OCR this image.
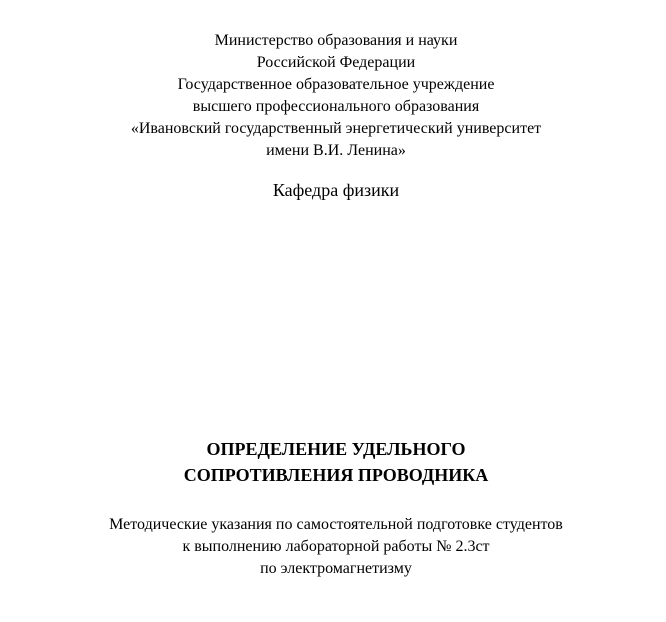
Министерство образования и науки
Российской Федерации
Государственное образовательное учреждение
высшего профессионального образования
«Ивановский государственный энергетический университет
имени В.И. Ленина»
Кафедра физики
ОПРЕДЕЛЕНИЕ УДЕЛЬНОГО
СОПРОТИВЛЕНИЯ ПРОВОДНИКА
Методические указания по самостоятельной подготовке студентов
к выполнению лабораторной работы № 2.3ст
по электромагнетизму
